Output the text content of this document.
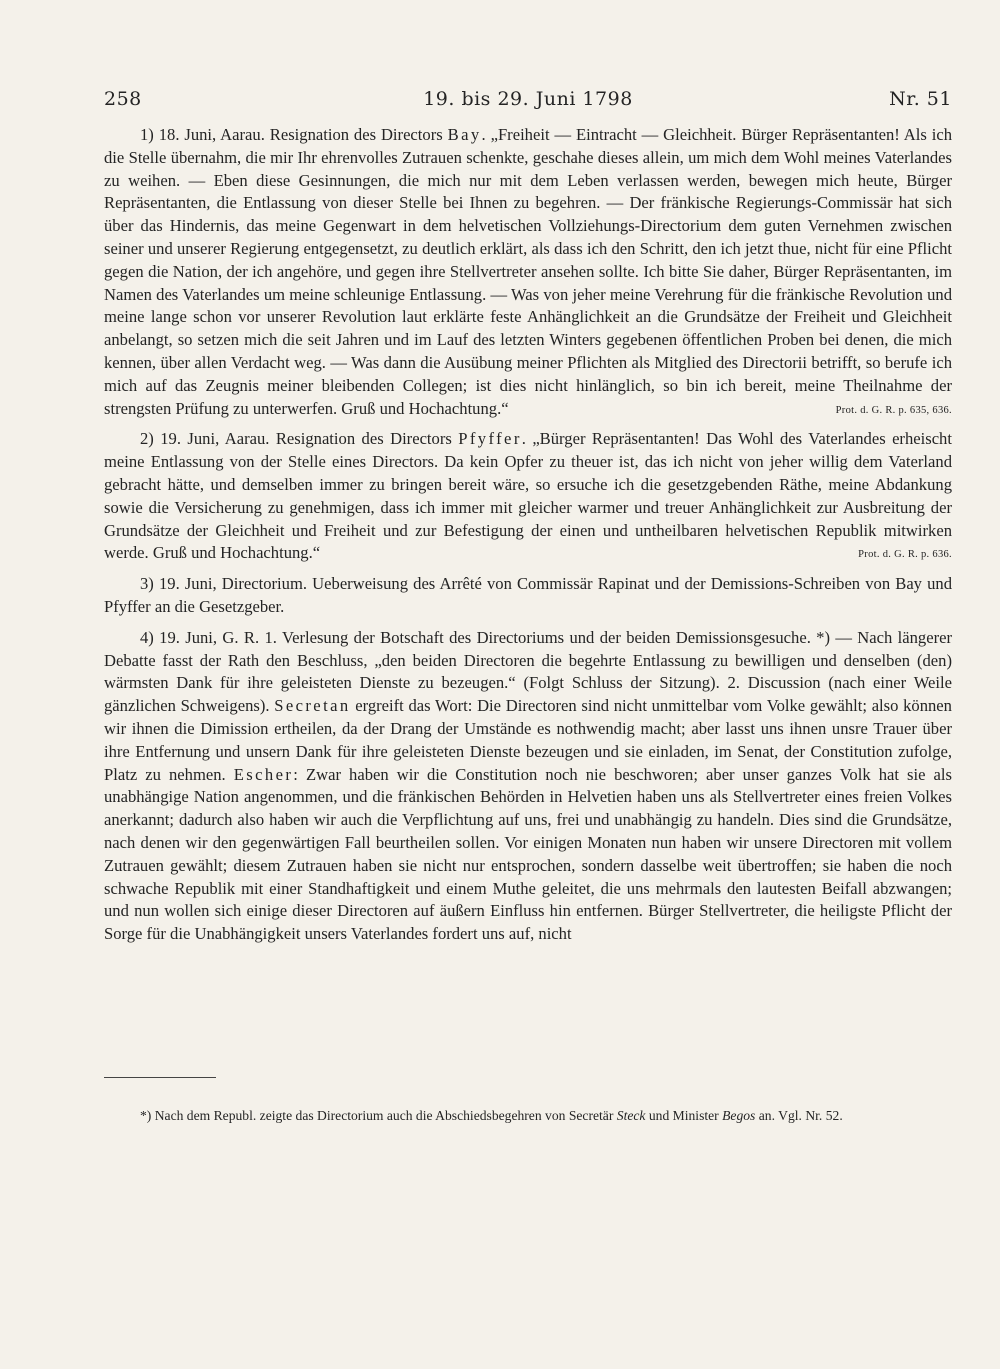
258	19. bis 29. Juni 1798	Nr. 51

1) 18. Juni, Aarau. Resignation des Directors Bay. „Freiheit — Eintracht — Gleichheit. Bürger Repräsentanten! Als ich die Stelle übernahm, die mir Ihr ehrenvolles Zutrauen schenkte, geschahe dieses allein, um mich dem Wohl meines Vaterlandes zu weihen. — Eben diese Gesinnungen, die mich nur mit dem Leben verlassen werden, bewegen mich heute, Bürger Repräsentanten, die Entlassung von dieser Stelle bei Ihnen zu begehren. — Der fränkische Regierungs-Commissär hat sich über das Hindernis, das meine Gegenwart in dem helvetischen Vollziehungs-Directorium dem guten Vernehmen zwischen seiner und unserer Regierung entgegensetzt, zu deutlich erklärt, als dass ich den Schritt, den ich jetzt thue, nicht für eine Pflicht gegen die Nation, der ich angehöre, und gegen ihre Stellvertreter ansehen sollte. Ich bitte Sie daher, Bürger Repräsentanten, im Namen des Vaterlandes um meine schleunige Entlassung. — Was von jeher meine Verehrung für die fränkische Revolution und meine lange schon vor unserer Revolution laut erklärte feste Anhänglichkeit an die Grundsätze der Freiheit und Gleichheit anbelangt, so setzen mich die seit Jahren und im Lauf des letzten Winters gegebenen öffentlichen Proben bei denen, die mich kennen, über allen Verdacht weg. — Was dann die Ausübung meiner Pflichten als Mitglied des Directorii betrifft, so berufe ich mich auf das Zeugnis meiner bleibenden Collegen; ist dies nicht hinlänglich, so bin ich bereit, meine Theilnahme der strengsten Prüfung zu unterwerfen. Gruß und Hochachtung.“	Prot. d. G. R. p. 635, 636.

2) 19. Juni, Aarau. Resignation des Directors Pfyffer. „Bürger Repräsentanten! Das Wohl des Vaterlandes erheischt meine Entlassung von der Stelle eines Directors. Da kein Opfer zu theuer ist, das ich nicht von jeher willig dem Vaterland gebracht hätte, und demselben immer zu bringen bereit wäre, so ersuche ich die gesetzgebenden Räthe, meine Abdankung sowie die Versicherung zu genehmigen, dass ich immer mit gleicher warmer und treuer Anhänglichkeit zur Ausbreitung der Grundsätze der Gleichheit und Freiheit und zur Befestigung der einen und untheilbaren helvetischen Republik mitwirken werde. Gruß und Hochachtung.“	Prot. d. G. R. p. 636.

3) 19. Juni, Directorium. Ueberweisung des Arrêté von Commissär Rapinat und der Demissions-Schreiben von Bay und Pfyffer an die Gesetzgeber.

4) 19. Juni, G. R. 1. Verlesung der Botschaft des Directoriums und der beiden Demissionsgesuche. *) — Nach längerer Debatte fasst der Rath den Beschluss, „den beiden Directoren die begehrte Entlassung zu bewilligen und denselben (den) wärmsten Dank für ihre geleisteten Dienste zu bezeugen.“ (Folgt Schluss der Sitzung). 2. Discussion (nach einer Weile gänzlichen Schweigens). Secretan ergreift das Wort: Die Directoren sind nicht unmittelbar vom Volke gewählt; also können wir ihnen die Dimission ertheilen, da der Drang der Umstände es nothwendig macht; aber lasst uns ihnen unsre Trauer über ihre Entfernung und unsern Dank für ihre geleisteten Dienste bezeugen und sie einladen, im Senat, der Constitution zufolge, Platz zu nehmen. Escher: Zwar haben wir die Constitution noch nie beschworen; aber unser ganzes Volk hat sie als unabhängige Nation angenommen, und die fränkischen Behörden in Helvetien haben uns als Stellvertreter eines freien Volkes anerkannt; dadurch also haben wir auch die Verpflichtung auf uns, frei und unabhängig zu handeln. Dies sind die Grundsätze, nach denen wir den gegenwärtigen Fall beurtheilen sollen. Vor einigen Monaten nun haben wir unsere Directoren mit vollem Zutrauen gewählt; diesem Zutrauen haben sie nicht nur entsprochen, sondern dasselbe weit übertroffen; sie haben die noch schwache Republik mit einer Standhaftigkeit und einem Muthe geleitet, die uns mehrmals den lautesten Beifall abzwangen; und nun wollen sich einige dieser Directoren auf äußern Einfluss hin entfernen. Bürger Stellvertreter, die heiligste Pflicht der Sorge für die Unabhängigkeit unsers Vaterlandes fordert uns auf, nicht

*) Nach dem Republ. zeigte das Directorium auch die Abschiedsbegehren von Secretär Steck und Minister Begos an. Vgl. Nr. 52.
